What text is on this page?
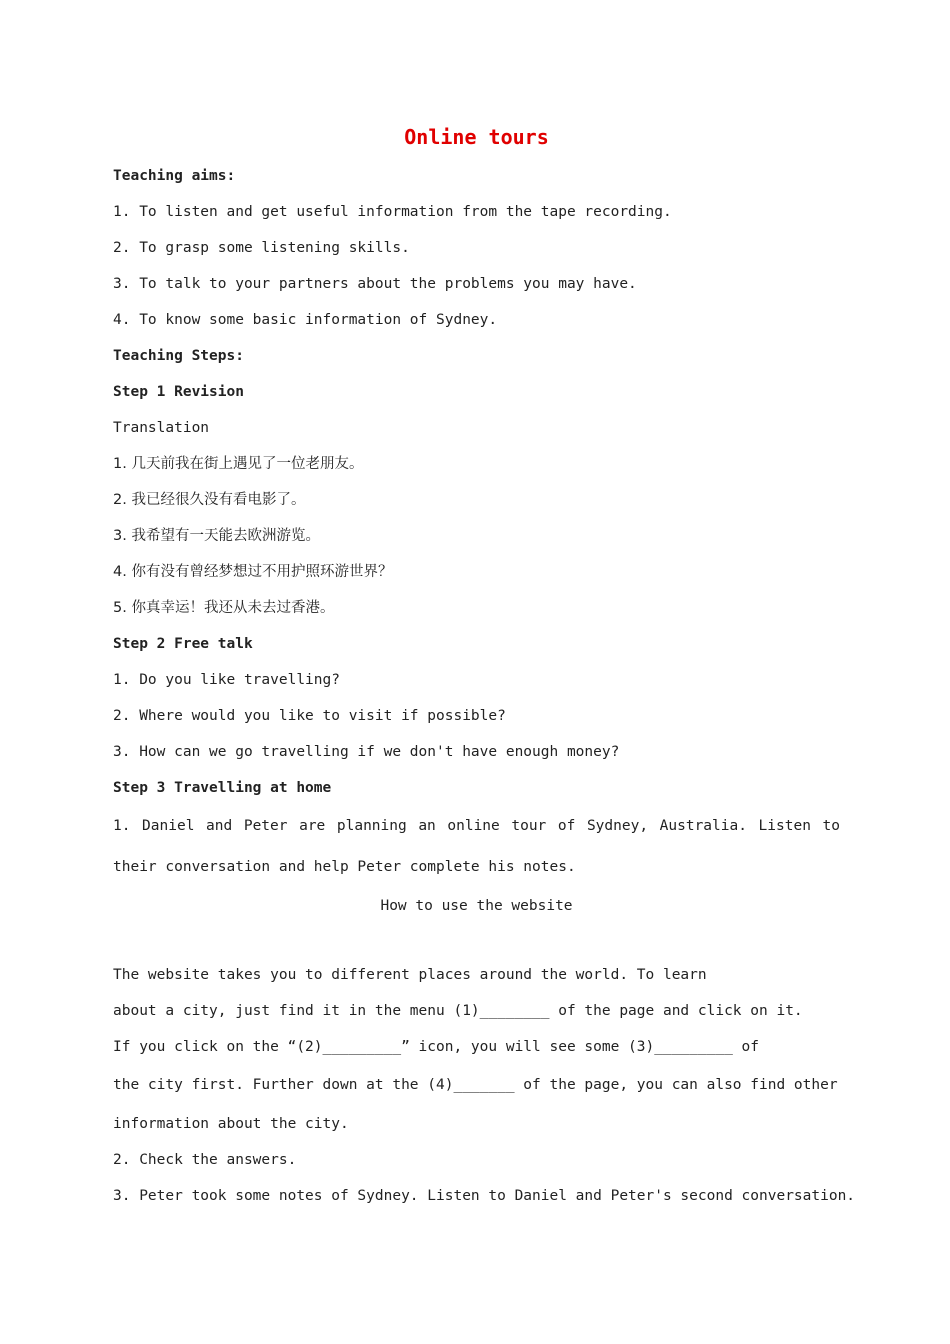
Online tours

Teaching aims:

1. To listen and get useful information from the tape recording.

2. To grasp some listening skills.

3. To talk to your partners about the problems you may have.

4. To know some basic information of Sydney.

Teaching Steps:

Step 1 Revision

Translation

1. 几天前我在街上遇见了一位老朋友。

2. 我已经很久没有看电影了。

3. 我希望有一天能去欧洲游览。

4. 你有没有曾经梦想过不用护照环游世界？

5. 你真幸运！我还从未去过香港。

Step 2 Free talk

1. Do you like travelling?

2. Where would you like to visit if possible?

3. How can we go travelling if we don't have enough money?

Step 3 Travelling at home

1. Daniel and Peter are planning an online tour of Sydney, Australia. Listen to their conversation and help Peter complete his notes.

How to use the website

The website takes you to different places around the world. To learn

about a city, just find it in the menu (1)________ of the page and click on it.

If you click on the “(2)_________” icon, you will see some (3)_________ of

the city first. Further down at the (4)_______ of the page, you can also find other

information about the city.

2. Check the answers.

3. Peter took some notes of Sydney. Listen to Daniel and Peter's second conversation.
